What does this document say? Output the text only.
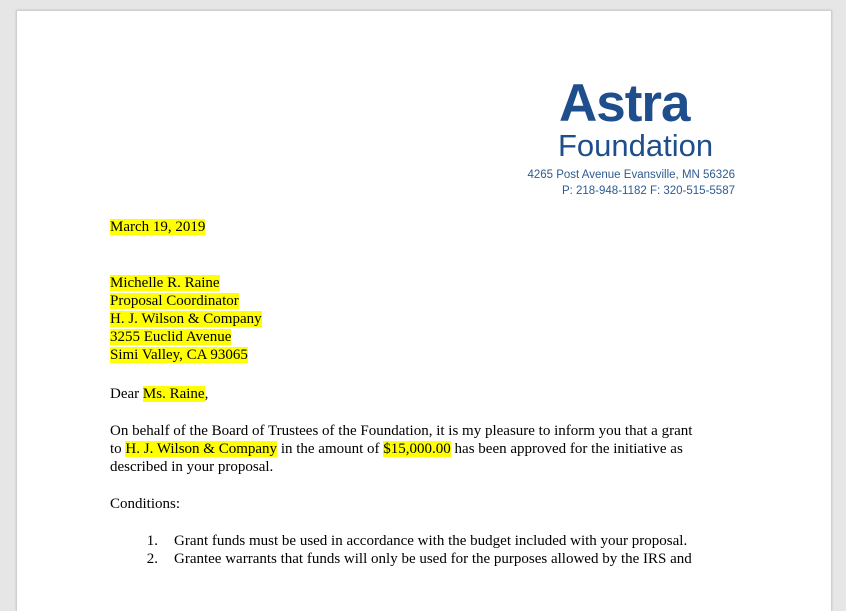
Astra
Foundation
4265 Post Avenue Evansville, MN 56326
P: 218-948-1182 F: 320-515-5587
March 19, 2019
Michelle R. Raine
Proposal Coordinator
H. J. Wilson & Company
3255 Euclid Avenue
Simi Valley, CA 93065
Dear Ms. Raine,
On behalf of the Board of Trustees of the Foundation, it is my pleasure to inform you that a grant
to H. J. Wilson & Company in the amount of $15,000.00 has been approved for the initiative as
described in your proposal.
Conditions:
1. Grant funds must be used in accordance with the budget included with your proposal.
2. Grantee warrants that funds will only be used for the purposes allowed by the IRS and
